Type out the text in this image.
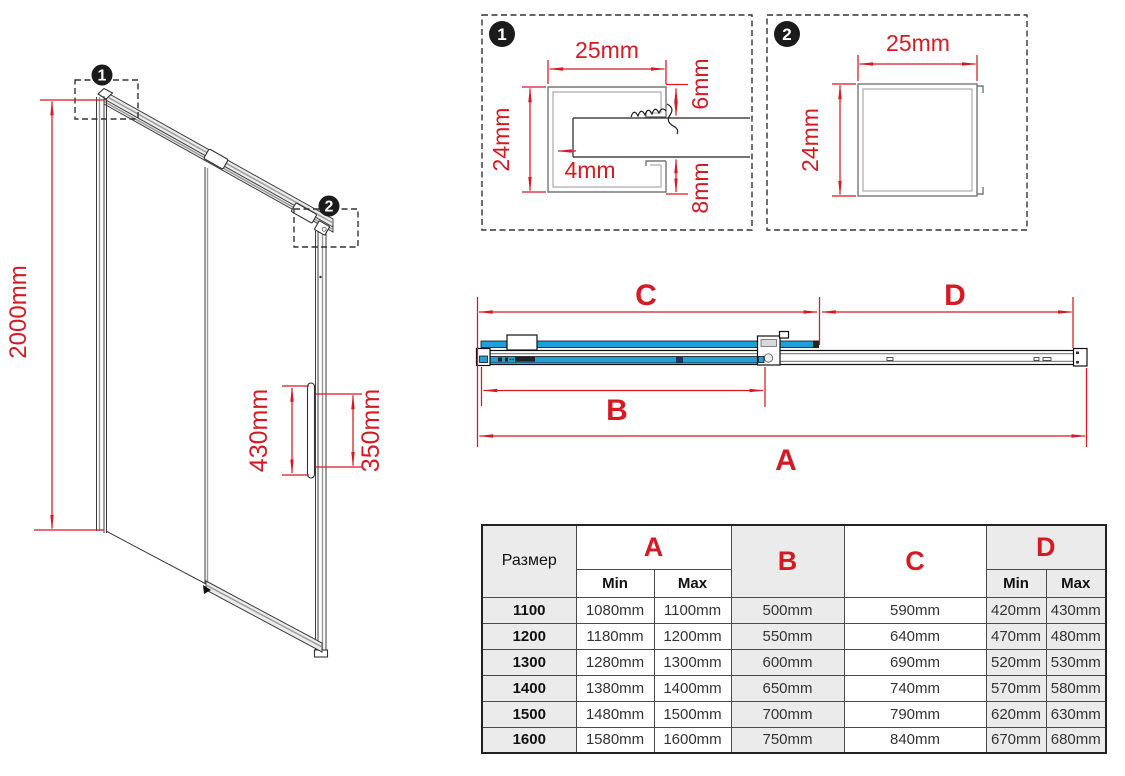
1
2
2000mm
430mm	350mm
1
25mm
24mm
6mm
8mm
4mm
2	25mm
24mm
C	D
B
A
Размер	A		B	C	D	
	Min	Max			Min	Max
1100	1080mm	1100mm	500mm	590mm	420mm	430mm
1200	1180mm	1200mm	550mm	640mm	470mm	480mm
1300	1280mm	1300mm	600mm	690mm	520mm	530mm
1400	1380mm	1400mm	650mm	740mm	570mm	580mm
1500	1480mm	1500mm	700mm	790mm	620mm	630mm
1600	1580mm	1600mm	750mm	840mm	670mm	680mm
